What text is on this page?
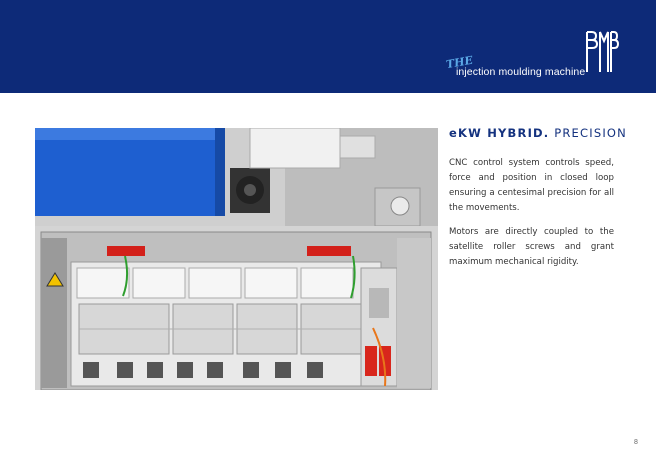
THE
injection moulding machine
eKW HYBRID. PRECISION

CNC control system controls speed, force and position in closed loop ensuring a centesimal precision for all the movements.

Motors are directly coupled to the satellite roller screws and grant maximum mechanical rigidity.

8
